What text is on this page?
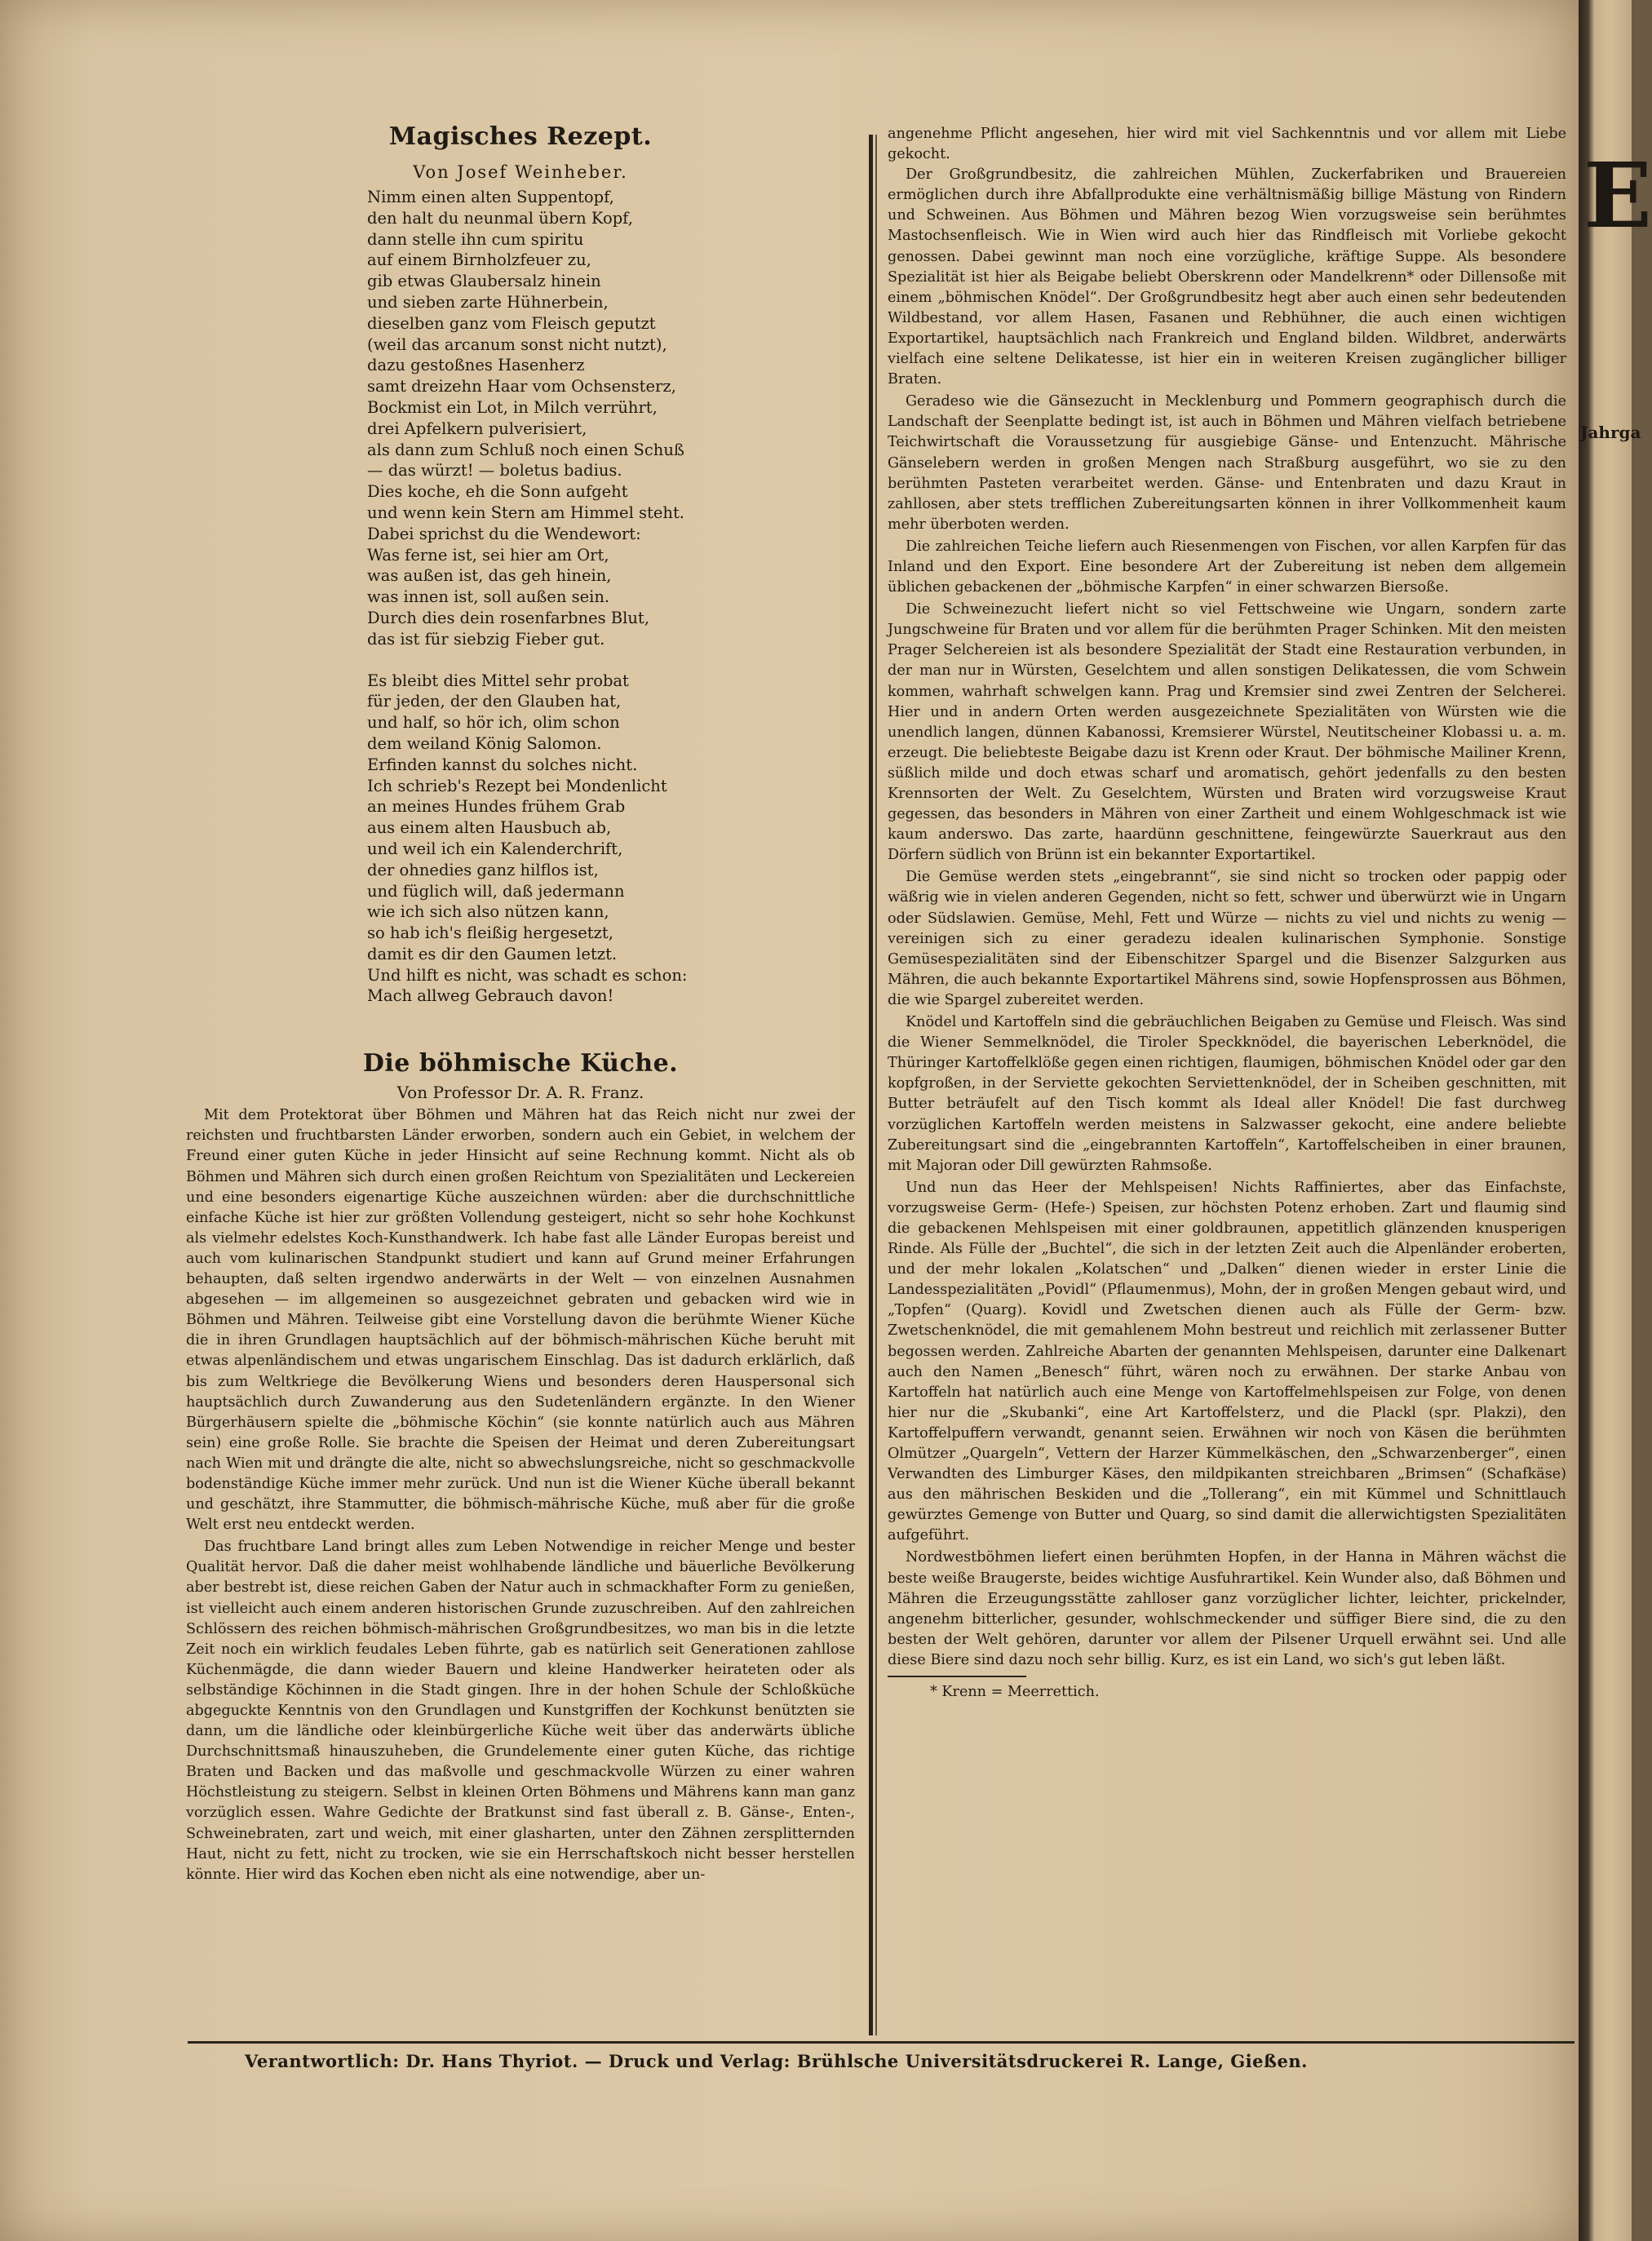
E
Jahrga
Magisches Rezept.
Von Josef Weinheber.
Nimm einen alten Suppentopf,
den halt du neunmal übern Kopf,
dann stelle ihn cum spiritu
auf einem Birnholzfeuer zu,
gib etwas Glaubersalz hinein
und sieben zarte Hühnerbein,
dieselben ganz vom Fleisch geputzt
(weil das arcanum sonst nicht nutzt),
dazu gestoßnes Hasenherz
samt dreizehn Haar vom Ochsensterz,
Bockmist ein Lot, in Milch verrührt,
drei Apfelkern pulverisiert,
als dann zum Schluß noch einen Schuß
— das würzt! — boletus badius.
Dies koche, eh die Sonn aufgeht
und wenn kein Stern am Himmel steht.
Dabei sprichst du die Wendewort:
Was ferne ist, sei hier am Ort,
was außen ist, das geh hinein,
was innen ist, soll außen sein.
Durch dies dein rosenfarbnes Blut,
das ist für siebzig Fieber gut.
Es bleibt dies Mittel sehr probat
für jeden, der den Glauben hat,
und half, so hör ich, olim schon
dem weiland König Salomon.
Erfinden kannst du solches nicht.
Ich schrieb's Rezept bei Mondenlicht
an meines Hundes frühem Grab
aus einem alten Hausbuch ab,
und weil ich ein Kalenderchrift,
der ohnedies ganz hilflos ist,
und füglich will, daß jedermann
wie ich sich also nützen kann,
so hab ich's fleißig hergesetzt,
damit es dir den Gaumen letzt.
Und hilft es nicht, was schadt es schon:
Mach allweg Gebrauch davon!
Die böhmische Küche.
Von Professor Dr. A. R. Franz.

Mit dem Protektorat über Böhmen und Mähren hat das Reich nicht nur zwei der reichsten und fruchtbarsten Länder erworben, sondern auch ein Gebiet, in welchem der Freund einer guten Küche in jeder Hinsicht auf seine Rechnung kommt. Nicht als ob Böhmen und Mähren sich durch einen großen Reichtum von Spezialitäten und Leckereien und eine besonders eigenartige Küche auszeichnen würden: aber die durchschnittliche einfache Küche ist hier zur größten Vollendung gesteigert, nicht so sehr hohe Kochkunst als vielmehr edelstes Koch-Kunsthandwerk. Ich habe fast alle Länder Europas bereist und auch vom kulinarischen Standpunkt studiert und kann auf Grund meiner Erfahrungen behaupten, daß selten irgendwo anderwärts in der Welt — von einzelnen Ausnahmen abgesehen — im allgemeinen so ausgezeichnet gebraten und gebacken wird wie in Böhmen und Mähren. Teilweise gibt eine Vorstellung davon die berühmte Wiener Küche die in ihren Grundlagen hauptsächlich auf der böhmisch-mährischen Küche beruht mit etwas alpenländischem und etwas ungarischem Einschlag. Das ist dadurch erklärlich, daß bis zum Weltkriege die Bevölkerung Wiens und besonders deren Hauspersonal sich hauptsächlich durch Zuwanderung aus den Sudetenländern ergänzte. In den Wiener Bürgerhäusern spielte die „böhmische Köchin“ (sie konnte natürlich auch aus Mähren sein) eine große Rolle. Sie brachte die Speisen der Heimat und deren Zubereitungsart nach Wien mit und drängte die alte, nicht so abwechslungsreiche, nicht so geschmackvolle bodenständige Küche immer mehr zurück. Und nun ist die Wiener Küche überall bekannt und geschätzt, ihre Stammutter, die böhmisch-mährische Küche, muß aber für die große Welt erst neu entdeckt werden.

Das fruchtbare Land bringt alles zum Leben Notwendige in reicher Menge und bester Qualität hervor. Daß die daher meist wohlhabende ländliche und bäuerliche Bevölkerung aber bestrebt ist, diese reichen Gaben der Natur auch in schmackhafter Form zu genießen, ist vielleicht auch einem anderen historischen Grunde zuzuschreiben. Auf den zahlreichen Schlössern des reichen böhmisch-mährischen Großgrundbesitzes, wo man bis in die letzte Zeit noch ein wirklich feudales Leben führte, gab es natürlich seit Generationen zahllose Küchenmägde, die dann wieder Bauern und kleine Handwerker heirateten oder als selbständige Köchinnen in die Stadt gingen. Ihre in der hohen Schule der Schloßküche abgeguckte Kenntnis von den Grundlagen und Kunstgriffen der Kochkunst benützten sie dann, um die ländliche oder kleinbürgerliche Küche weit über das anderwärts übliche Durchschnittsmaß hinauszuheben, die Grundelemente einer guten Küche, das richtige Braten und Backen und das maßvolle und geschmackvolle Würzen zu einer wahren Höchstleistung zu steigern. Selbst in kleinen Orten Böhmens und Mährens kann man ganz vorzüglich essen. Wahre Gedichte der Bratkunst sind fast überall z. B. Gänse-, Enten-, Schweinebraten, zart und weich, mit einer glasharten, unter den Zähnen zersplitternden Haut, nicht zu fett, nicht zu trocken, wie sie ein Herrschaftskoch nicht besser herstellen könnte. Hier wird das Kochen eben nicht als eine notwendige, aber un-

angenehme Pflicht angesehen, hier wird mit viel Sachkenntnis und vor allem mit Liebe gekocht.

Der Großgrundbesitz, die zahlreichen Mühlen, Zuckerfabriken und Brauereien ermöglichen durch ihre Abfallprodukte eine verhältnismäßig billige Mästung von Rindern und Schweinen. Aus Böhmen und Mähren bezog Wien vorzugsweise sein berühmtes Mastochsenfleisch. Wie in Wien wird auch hier das Rindfleisch mit Vorliebe gekocht genossen. Dabei gewinnt man noch eine vorzügliche, kräftige Suppe. Als besondere Spezialität ist hier als Beigabe beliebt Oberskrenn oder Mandelkrenn* oder Dillensoße mit einem „böhmischen Knödel“. Der Großgrundbesitz hegt aber auch einen sehr bedeutenden Wildbestand, vor allem Hasen, Fasanen und Rebhühner, die auch einen wichtigen Exportartikel, hauptsächlich nach Frankreich und England bilden. Wildbret, anderwärts vielfach eine seltene Delikatesse, ist hier ein in weiteren Kreisen zugänglicher billiger Braten.

Geradeso wie die Gänsezucht in Mecklenburg und Pommern geographisch durch die Landschaft der Seenplatte bedingt ist, ist auch in Böhmen und Mähren vielfach betriebene Teichwirtschaft die Voraussetzung für ausgiebige Gänse- und Entenzucht. Mährische Gänselebern werden in großen Mengen nach Straßburg ausgeführt, wo sie zu den berühmten Pasteten verarbeitet werden. Gänse- und Entenbraten und dazu Kraut in zahllosen, aber stets trefflichen Zubereitungsarten können in ihrer Vollkommenheit kaum mehr überboten werden.

Die zahlreichen Teiche liefern auch Riesenmengen von Fischen, vor allen Karpfen für das Inland und den Export. Eine besondere Art der Zubereitung ist neben dem allgemein üblichen gebackenen der „böhmische Karpfen“ in einer schwarzen Biersoße.

Die Schweinezucht liefert nicht so viel Fettschweine wie Ungarn, sondern zarte Jungschweine für Braten und vor allem für die berühmten Prager Schinken. Mit den meisten Prager Selchereien ist als besondere Spezialität der Stadt eine Restauration verbunden, in der man nur in Würsten, Geselchtem und allen sonstigen Delikatessen, die vom Schwein kommen, wahrhaft schwelgen kann. Prag und Kremsier sind zwei Zentren der Selcherei. Hier und in andern Orten werden ausgezeichnete Spezialitäten von Würsten wie die unendlich langen, dünnen Kabanossi, Kremsierer Würstel, Neutitscheiner Klobassi u. a. m. erzeugt. Die beliebteste Beigabe dazu ist Krenn oder Kraut. Der böhmische Mailiner Krenn, süßlich milde und doch etwas scharf und aromatisch, gehört jedenfalls zu den besten Krennsorten der Welt. Zu Geselchtem, Würsten und Braten wird vorzugsweise Kraut gegessen, das besonders in Mähren von einer Zartheit und einem Wohlgeschmack ist wie kaum anderswo. Das zarte, haardünn geschnittene, feingewürzte Sauerkraut aus den Dörfern südlich von Brünn ist ein bekannter Exportartikel.

Die Gemüse werden stets „eingebrannt“, sie sind nicht so trocken oder pappig oder wäßrig wie in vielen anderen Gegenden, nicht so fett, schwer und überwürzt wie in Ungarn oder Südslawien. Gemüse, Mehl, Fett und Würze — nichts zu viel und nichts zu wenig — vereinigen sich zu einer geradezu idealen kulinarischen Symphonie. Sonstige Gemüsespezialitäten sind der Eibenschitzer Spargel und die Bisenzer Salzgurken aus Mähren, die auch bekannte Exportartikel Mährens sind, sowie Hopfensprossen aus Böhmen, die wie Spargel zubereitet werden.

Knödel und Kartoffeln sind die gebräuchlichen Beigaben zu Gemüse und Fleisch. Was sind die Wiener Semmelknödel, die Tiroler Speckknödel, die bayerischen Leberknödel, die Thüringer Kartoffelklöße gegen einen richtigen, flaumigen, böhmischen Knödel oder gar den kopfgroßen, in der Serviette gekochten Serviettenknödel, der in Scheiben geschnitten, mit Butter beträufelt auf den Tisch kommt als Ideal aller Knödel! Die fast durchweg vorzüglichen Kartoffeln werden meistens in Salzwasser gekocht, eine andere beliebte Zubereitungsart sind die „eingebrannten Kartoffeln“, Kartoffelscheiben in einer braunen, mit Majoran oder Dill gewürzten Rahmsoße.

Und nun das Heer der Mehlspeisen! Nichts Raffiniertes, aber das Einfachste, vorzugsweise Germ- (Hefe-) Speisen, zur höchsten Potenz erhoben. Zart und flaumig sind die gebackenen Mehlspeisen mit einer goldbraunen, appetitlich glänzenden knusperigen Rinde. Als Fülle der „Buchtel“, die sich in der letzten Zeit auch die Alpenländer eroberten, und der mehr lokalen „Kolatschen“ und „Dalken“ dienen wieder in erster Linie die Landesspezialitäten „Povidl“ (Pflaumenmus), Mohn, der in großen Mengen gebaut wird, und „Topfen“ (Quarg). Kovidl und Zwetschen dienen auch als Fülle der Germ- bzw. Zwetschenknödel, die mit gemahlenem Mohn bestreut und reichlich mit zerlassener Butter begossen werden. Zahlreiche Abarten der genannten Mehlspeisen, darunter eine Dalkenart auch den Namen „Benesch“ führt, wären noch zu erwähnen. Der starke Anbau von Kartoffeln hat natürlich auch eine Menge von Kartoffelmehlspeisen zur Folge, von denen hier nur die „Skubanki“, eine Art Kartoffelsterz, und die Plackl (spr. Plakzi), den Kartoffelpuffern verwandt, genannt seien. Erwähnen wir noch von Käsen die berühmten Olmützer „Quargeln“, Vettern der Harzer Kümmelkäschen, den „Schwarzenberger“, einen Verwandten des Limburger Käses, den mildpikanten streichbaren „Brimsen“ (Schafkäse) aus den mährischen Beskiden und die „Tollerang“, ein mit Kümmel und Schnittlauch gewürztes Gemenge von Butter und Quarg, so sind damit die allerwichtigsten Spezialitäten aufgeführt.

Nordwestböhmen liefert einen berühmten Hopfen, in der Hanna in Mähren wächst die beste weiße Braugerste, beides wichtige Ausfuhrartikel. Kein Wunder also, daß Böhmen und Mähren die Erzeugungsstätte zahlloser ganz vorzüglicher lichter, leichter, prickelnder, angenehm bitterlicher, gesunder, wohlschmeckender und süffiger Biere sind, die zu den besten der Welt gehören, darunter vor allem der Pilsener Urquell erwähnt sei. Und alle diese Biere sind dazu noch sehr billig. Kurz, es ist ein Land, wo sich's gut leben läßt.

* Krenn = Meerrettich.
Verantwortlich: Dr. Hans Thyriot. — Druck und Verlag: Brühlsche Universitätsdruckerei R. Lange, Gießen.
